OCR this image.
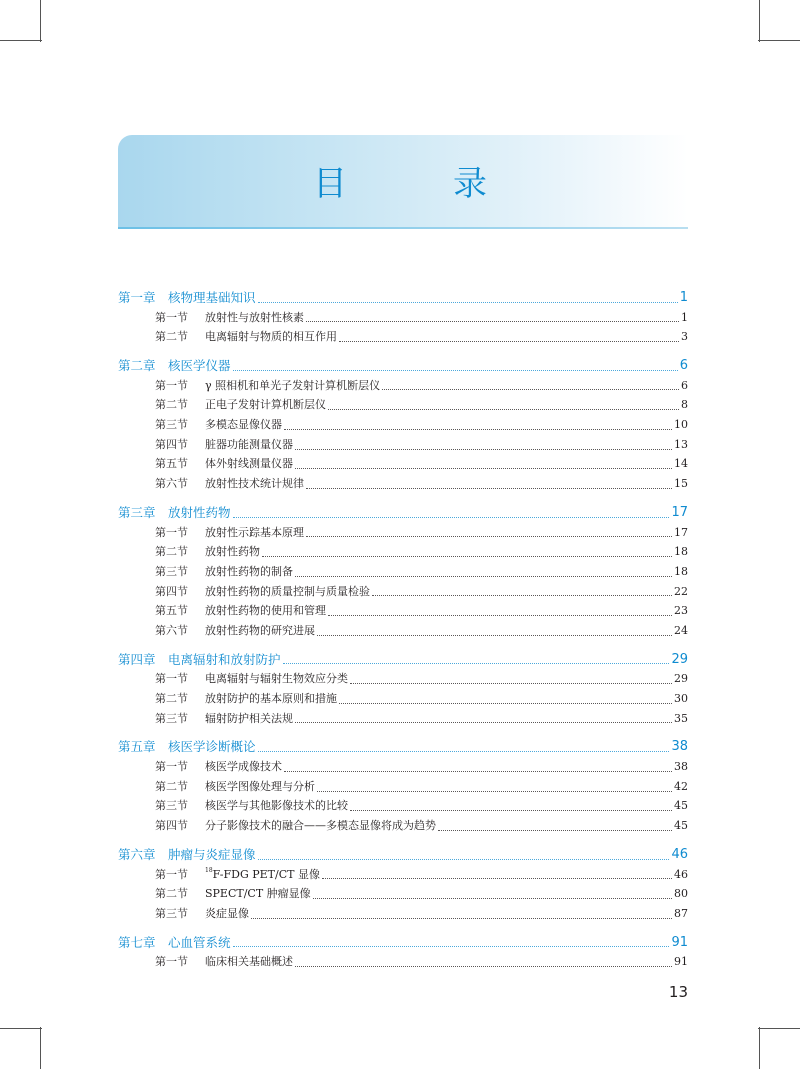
目　录
第一章 核物理基础知识	1
第一节	放射性与放射性核素	1
第二节	电离辐射与物质的相互作用	3
第二章 核医学仪器	6
第一节	γ 照相机和单光子发射计算机断层仪	6
第二节	正电子发射计算机断层仪	8
第三节	多模态显像仪器	10
第四节	脏器功能测量仪器	13
第五节	体外射线测量仪器	14
第六节	放射性技术统计规律	15
第三章 放射性药物	17
第一节	放射性示踪基本原理	17
第二节	放射性药物	18
第三节	放射性药物的制备	18
第四节	放射性药物的质量控制与质量检验	22
第五节	放射性药物的使用和管理	23
第六节	放射性药物的研究进展	24
第四章 电离辐射和放射防护	29
第一节	电离辐射与辐射生物效应分类	29
第二节	放射防护的基本原则和措施	30
第三节	辐射防护相关法规	35
第五章 核医学诊断概论	38
第一节	核医学成像技术	38
第二节	核医学图像处理与分析	42
第三节	核医学与其他影像技术的比较	45
第四节	分子影像技术的融合——多模态显像将成为趋势	45
第六章 肿瘤与炎症显像	46
第一节	$^{18}$F-FDG PET/CT 显像	46
第二节	SPECT/CT 肿瘤显像	80
第三节	炎症显像	87
第七章 心血管系统	91
第一节	临床相关基础概述	91
13
